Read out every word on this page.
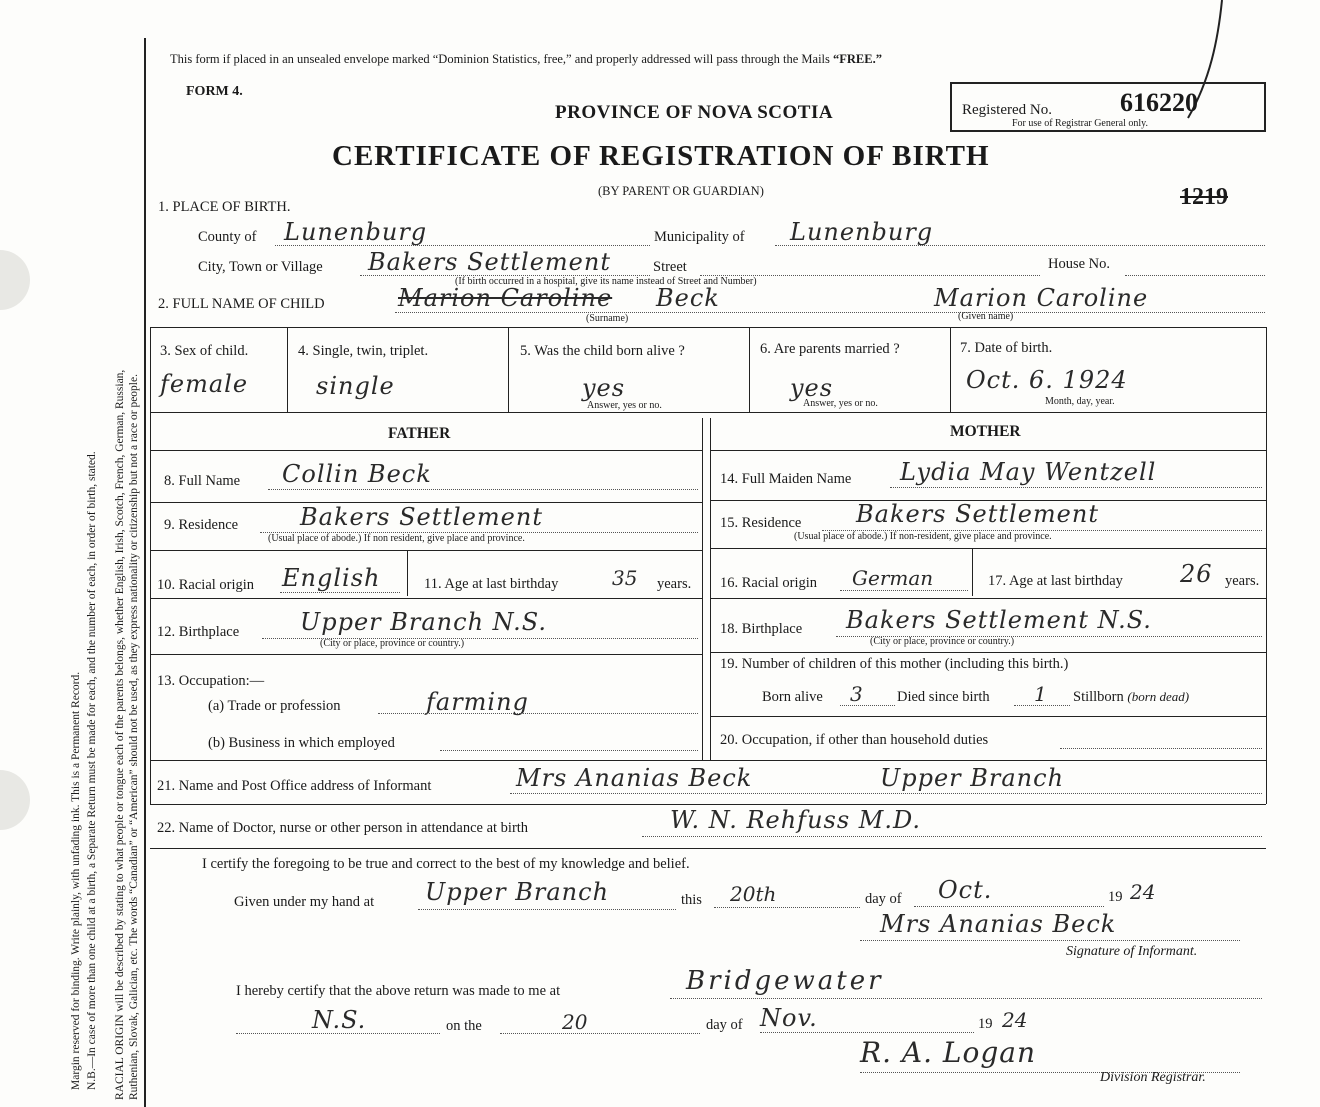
Margin reserved for binding. Write plainly, with unfading ink. This is a Permanent Record. N.B.—In case of more than one child at a birth, a Separate Return must be made for each, and the number of each, in order of birth, stated. RACIAL ORIGIN will be described by stating to what people or tongue each of the parents belongs, whether English, Irish, Scotch, French, German, Russian, Ruthenian, Slovak, Galician, etc. The words “Canadian” or “American” should not be used, as they express nationality or citizenship but not a race or people.
This form if placed in an unsealed envelope marked “Dominion Statistics, free,” and properly addressed will pass through the Mails “FREE.”
FORM 4.
PROVINCE OF NOVA SCOTIA	Registered No.	616220
For use of Registrar General only.
CERTIFICATE OF REGISTRATION OF BIRTH
(BY PARENT OR GUARDIAN)	1219
1. PLACE OF BIRTH.
County of Lunenburg	Municipality of Lunenburg
City, Town or Village Bakers Settlement	Street	House No.
(If birth occurred in a hospital, give its name instead of Street and Number)
2. FULL NAME OF CHILD	Marion Caroline Beck	Marion Caroline
(Surname)	(Given name)
3. Sex of child.
female
4. Single, twin, triplet.
single
5. Was the child born alive ?
yes
Answer, yes or no.
6. Are parents married ?
yes
Answer, yes or no.
7. Date of birth.
Oct. 6. 1924
Month, day, year.
FATHER	MOTHER
8. Full Name Collin Beck
9. Residence	Bakers Settlement
(Usual place of abode.) If non resident, give place and province.
10. Racial origin English	11. Age at last birthday	35 years.
12. Birthplace	Upper Branch N.S.
(City or place, province or country.)
13. Occupation:—
(a) Trade or profession	farming
(b) Business in which employed
14. Full Maiden Name Lydia May Wentzell
15. Residence Bakers Settlement
(Usual place of abode.) If non-resident, give place and province.
16. Racial origin German	17. Age at last birthday 26 years.
18. Birthplace Bakers Settlement N.S.
(City or place, province or country.)
19. Number of children of this mother (including this birth.)
Born alive 3 Died since birth 1 Stillborn (born dead)
20. Occupation, if other than household duties
21. Name and Post Office address of Informant	Mrs Ananias Beck	Upper Branch
22. Name of Doctor, nurse or other person in attendance at birth	W. N. Rehfuss M.D.
I certify the foregoing to be true and correct to the best of my knowledge and belief.
Given under my hand at Upper Branch	this 20th	day of Oct.	19 24
Mrs Ananias Beck
Signature of Informant.
I hereby certify that the above return was made to me at	Bridgewater
N.S.	on the	20	day of Nov.	19 24
R. A. Logan
Division Registrar.
